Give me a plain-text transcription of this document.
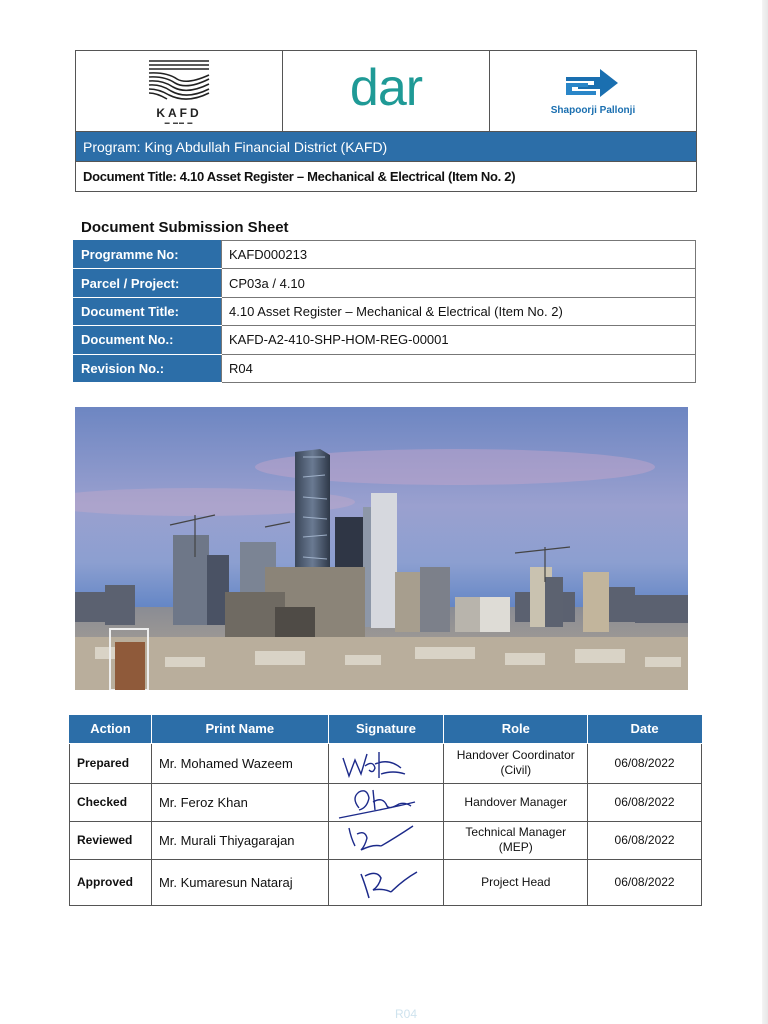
KAFD
▬ ▬▬ ▬
dar	Shapoorji Pallonji
Program: King Abdullah Financial District (KAFD)
Document Title: 4.10 Asset Register – Mechanical & Electrical (Item No. 2)
Document Submission Sheet
Programme No:	KAFD000213
Parcel / Project:	CP03a / 4.10
Document Title:	4.10 Asset Register – Mechanical & Electrical (Item No. 2)
Document No.:	KAFD-A2-410-SHP-HOM-REG-00001
Revision No.:	R04
Action	Print Name	Signature	Role	Date
Prepared	Mr. Mohamed Wazeem		Handover Coordinator (Civil)	06/08/2022
Checked	Mr. Feroz Khan		Handover Manager	06/08/2022
Reviewed	Mr. Murali Thiyagarajan		Technical Manager (MEP)	06/08/2022
Approved	Mr. Kumaresun Nataraj		Project Head	06/08/2022
R04
